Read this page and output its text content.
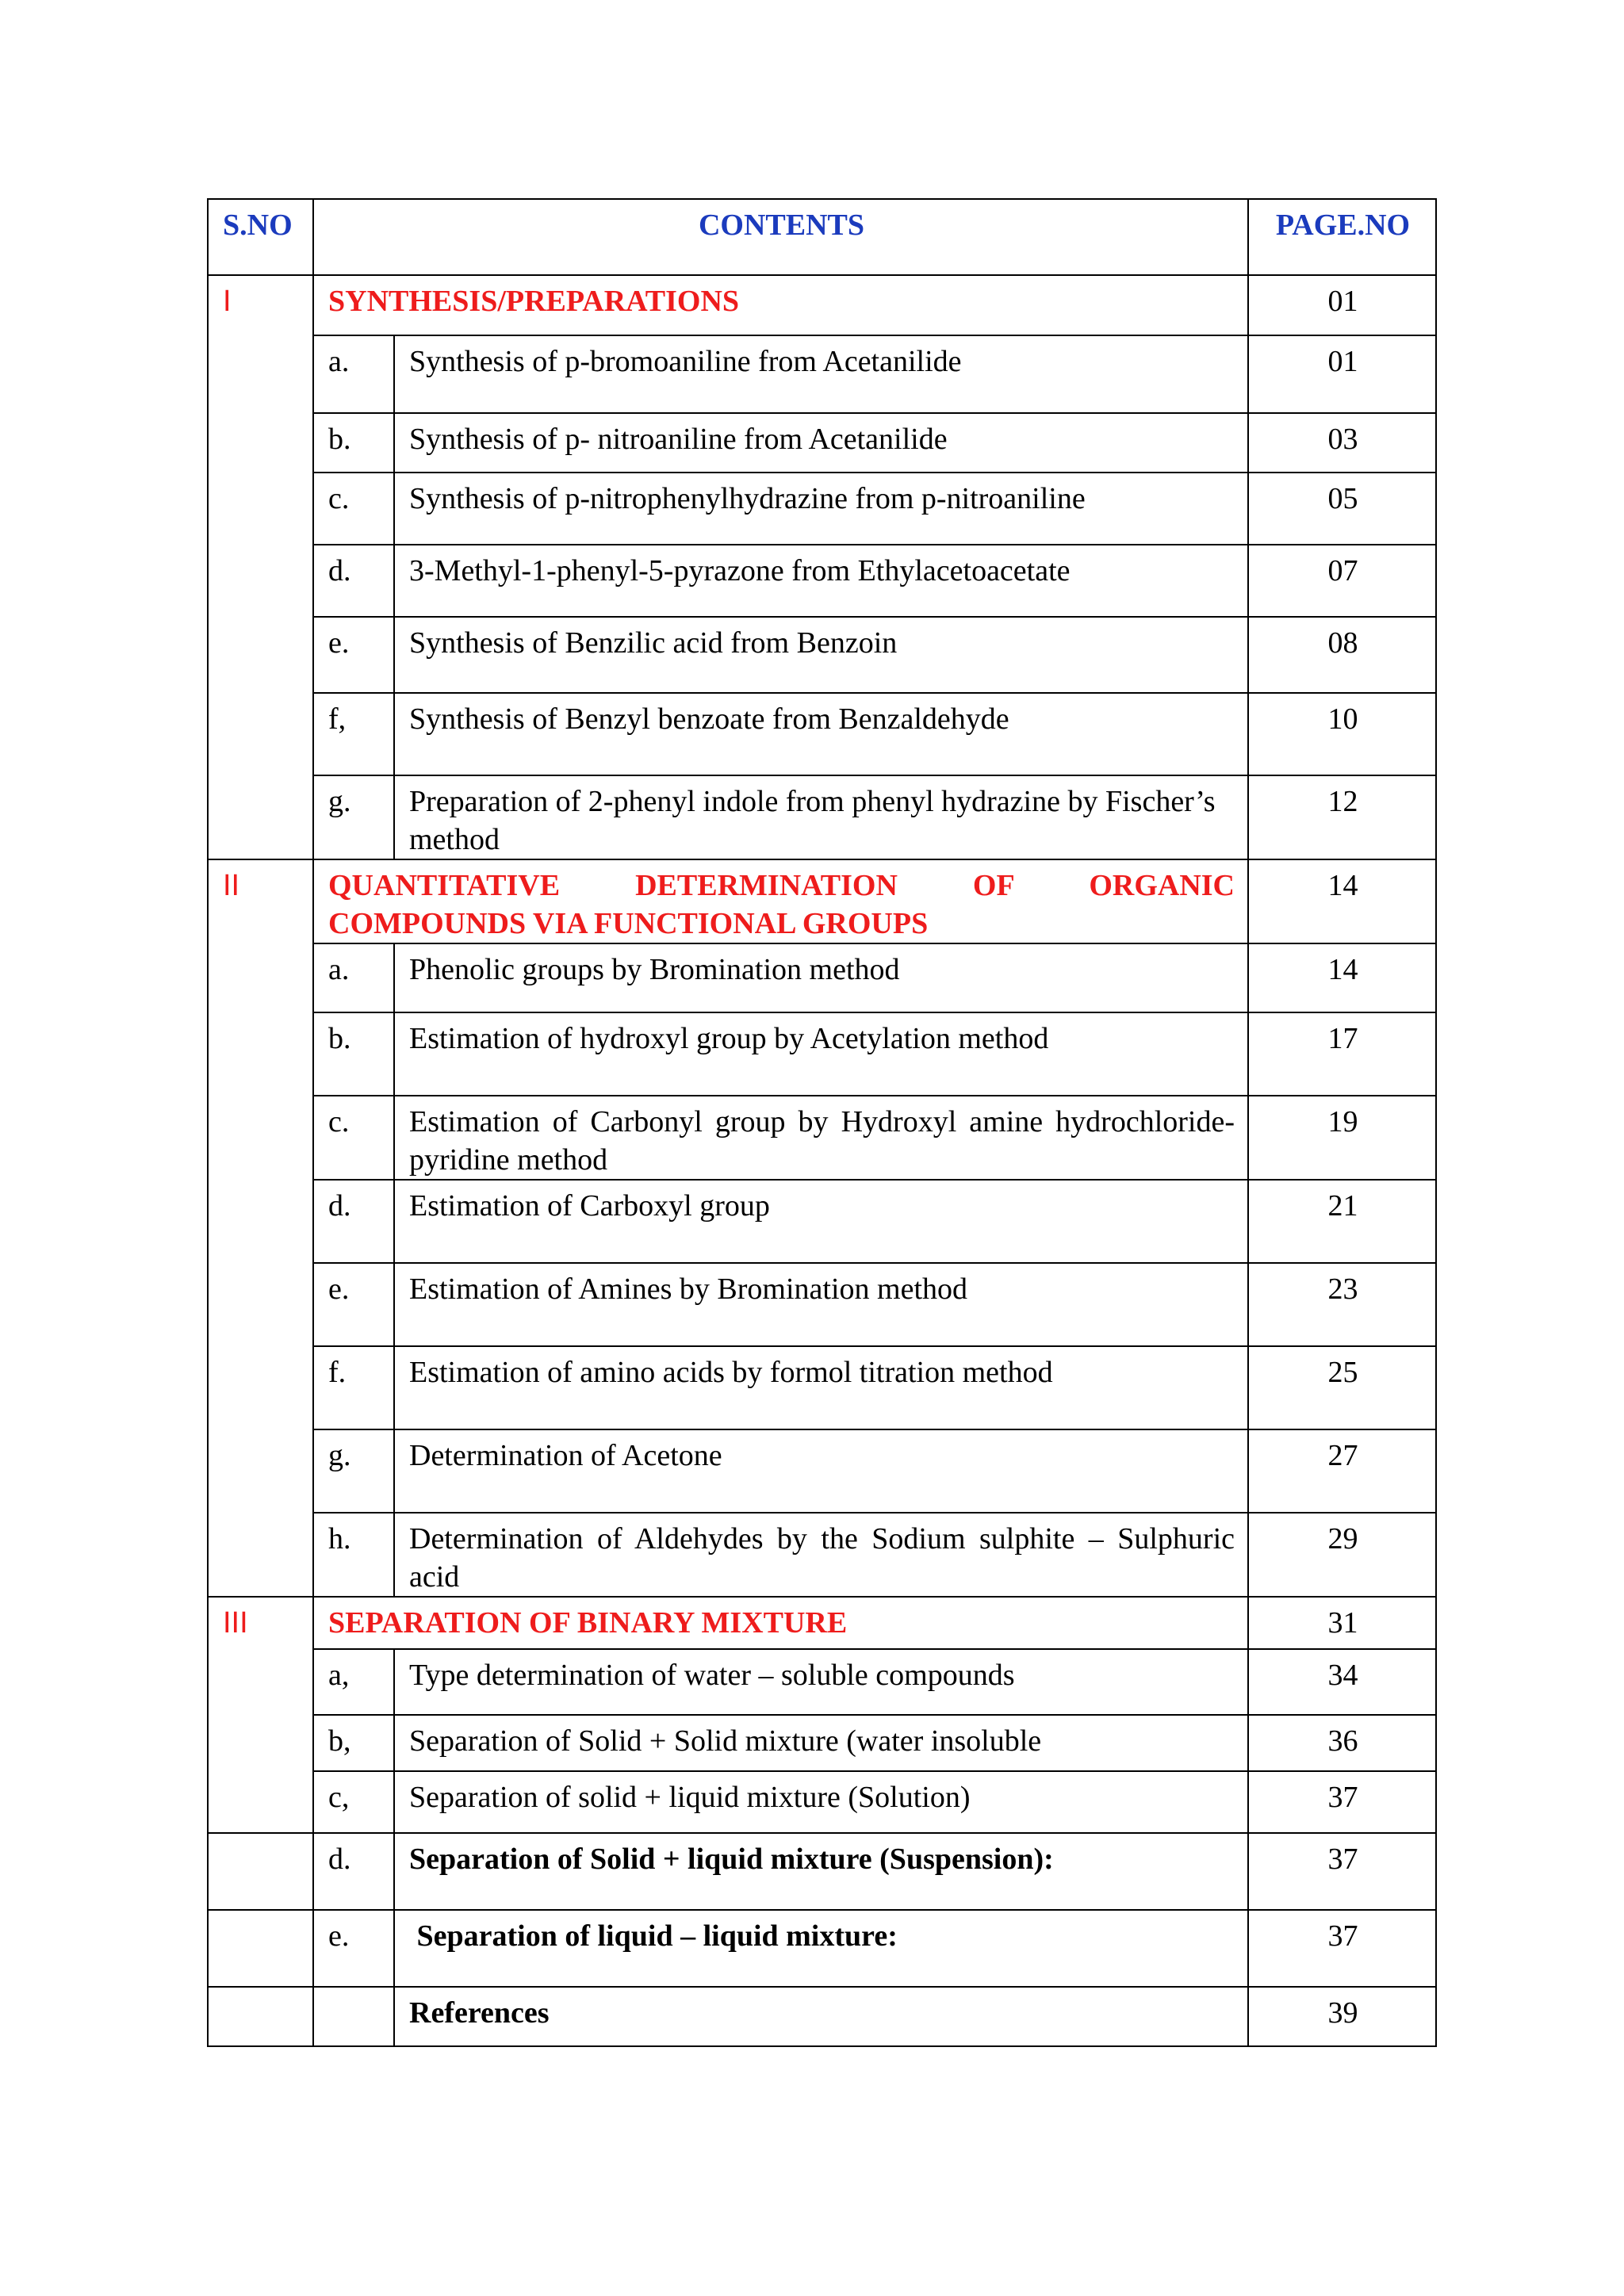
S.NO	CONTENTS		PAGE.NO
I	SYNTHESIS/PREPARATIONS		01
	a.	Synthesis of p-bromoaniline from Acetanilide	01
	b.	Synthesis of p- nitroaniline from Acetanilide	03
	c.	Synthesis of p-nitrophenylhydrazine from p-nitroaniline	05
	d.	3-Methyl-1-phenyl-5-pyrazone from Ethylacetoacetate	07
	e.	Synthesis of Benzilic acid from Benzoin	08
	f,	Synthesis of Benzyl benzoate from Benzaldehyde	10
	g.	Preparation of 2-phenyl indole from phenyl hydrazine by Fischer’s method	12
II	QUANTITATIVE DETERMINATION OF ORGANIC COMPOUNDS VIA FUNCTIONAL GROUPS		14
	a.	Phenolic groups by Bromination method	14
	b.	Estimation of hydroxyl group by Acetylation method	17
	c.	Estimation of Carbonyl group by Hydroxyl amine hydrochloride-     pyridine method	19
	d.	Estimation of Carboxyl group	21
	e.	Estimation of Amines by Bromination method	23
	f.	Estimation of amino acids by formol titration method	25
	g.	Determination of Acetone	27
	h.	Determination of Aldehydes by the Sodium sulphite – Sulphuric acid	29
III	SEPARATION OF BINARY MIXTURE		31
	a,	Type determination of water – soluble compounds	34
	b,	Separation of Solid + Solid mixture (water insoluble	36
	c,	Separation of solid + liquid mixture (Solution)	37
	d.	Separation of Solid + liquid mixture (Suspension):	37
	e.	Separation of liquid – liquid mixture:	37
		References	39
